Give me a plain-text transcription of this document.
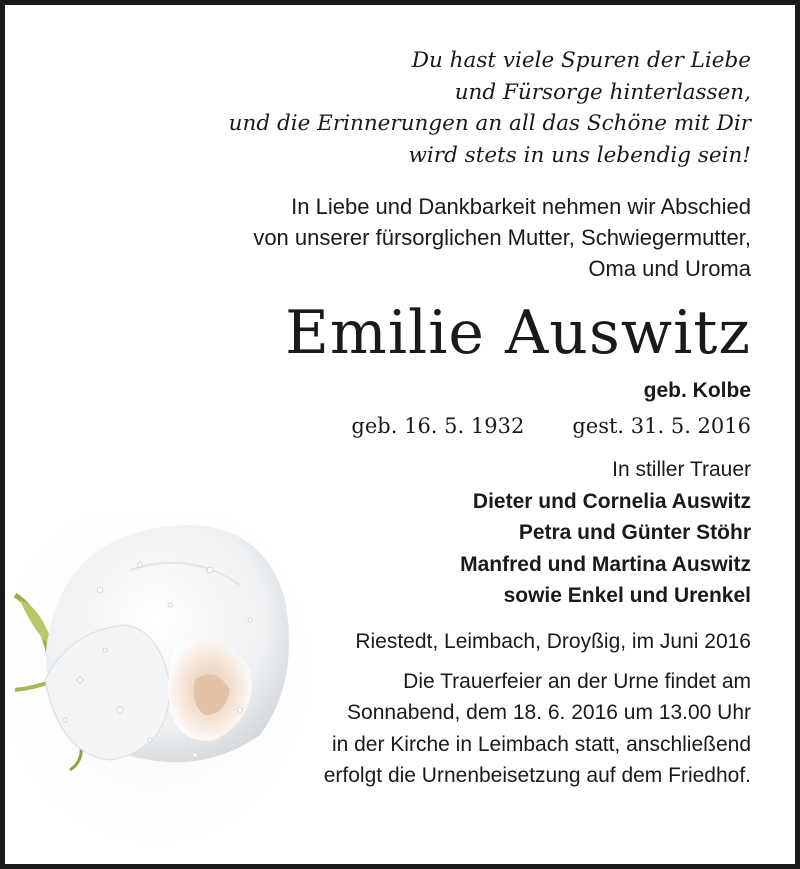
Du hast viele Spuren der Liebe
und Fürsorge hinterlassen,
und die Erinnerungen an all das Schöne mit Dir
wird stets in uns lebendig sein!
In Liebe und Dankbarkeit nehmen wir Abschied
von unserer fürsorglichen Mutter, Schwiegermutter,
Oma und Uroma
Emilie Auswitz
geb. Kolbe
geb. 16. 5. 1932 gest. 31. 5. 2016
In stiller Trauer
Dieter und Cornelia Auswitz
Petra und Günter Stöhr
Manfred und Martina Auswitz
sowie Enkel und Urenkel
Riestedt, Leimbach, Droyßig, im Juni 2016
Die Trauerfeier an der Urne findet am
Sonnabend, dem 18. 6. 2016 um 13.00 Uhr
in der Kirche in Leimbach statt, anschließend
erfolgt die Urnenbeisetzung auf dem Friedhof.
